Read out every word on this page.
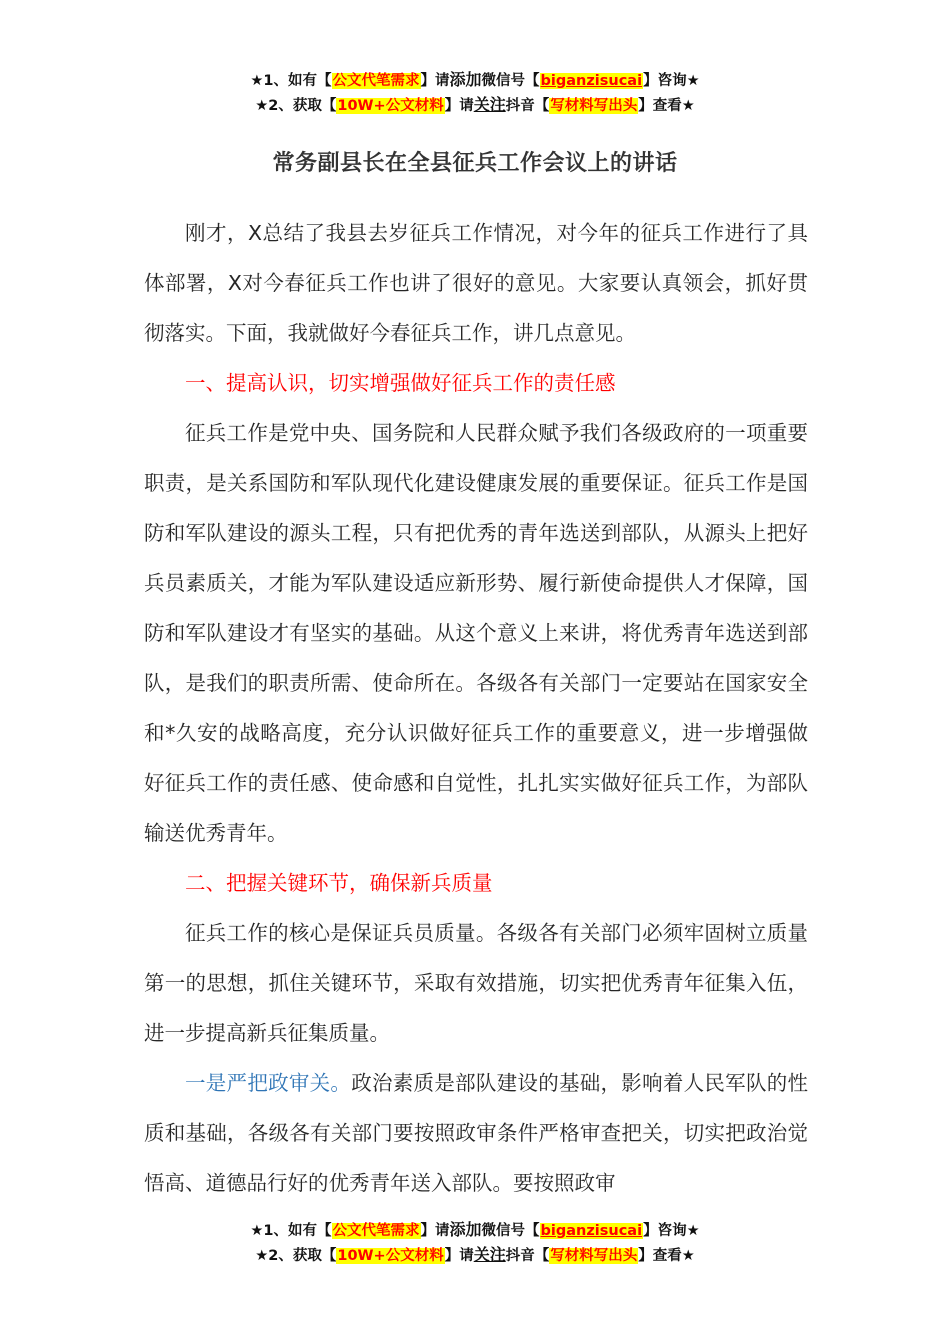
★1、如有【公文代笔需求】请添加微信号【biganzisucai】咨询★
★2、获取【10W+公文材料】请关注抖音【写材料写出头】查看★
常务副县长在全县征兵工作会议上的讲话

刚才，X总结了我县去岁征兵工作情况，对今年的征兵工作进行了具体部署，X对今春征兵工作也讲了很好的意见。大家要认真领会，抓好贯彻落实。下面，我就做好今春征兵工作，讲几点意见。

一、提高认识，切实增强做好征兵工作的责任感

征兵工作是党中央、国务院和人民群众赋予我们各级政府的一项重要职责，是关系国防和军队现代化建设健康发展的重要保证。征兵工作是国防和军队建设的源头工程，只有把优秀的青年选送到部队，从源头上把好兵员素质关，才能为军队建设适应新形势、履行新使命提供人才保障，国防和军队建设才有坚实的基础。从这个意义上来讲，将优秀青年选送到部队，是我们的职责所需、使命所在。各级各有关部门一定要站在国家安全和*久安的战略高度，充分认识做好征兵工作的重要意义，进一步增强做好征兵工作的责任感、使命感和自觉性，扎扎实实做好征兵工作，为部队输送优秀青年。

二、把握关键环节，确保新兵质量

征兵工作的核心是保证兵员质量。各级各有关部门必须牢固树立质量第一的思想，抓住关键环节，采取有效措施，切实把优秀青年征集入伍，进一步提高新兵征集质量。

一是严把政审关。政治素质是部队建设的基础，影响着人民军队的性质和基础，各级各有关部门要按照政审条件严格审查把关，切实把政治觉悟高、道德品行好的优秀青年送入部队。要按照政审

★1、如有【公文代笔需求】请添加微信号【biganzisucai】咨询★
★2、获取【10W+公文材料】请关注抖音【写材料写出头】查看★
